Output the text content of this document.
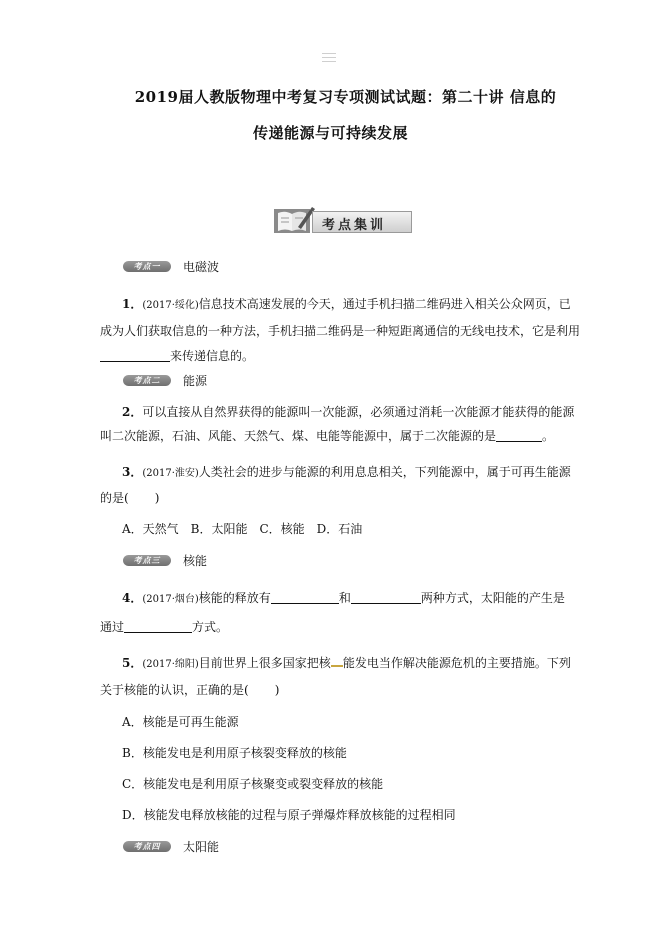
2019届人教版物理中考复习专项测试试题：第二十讲 信息的
传递能源与可持续发展
考点集训
考点一	电磁波
1．(2017·绥化)信息技术高速发展的今天，通过手机扫描二维码进入相关公众网页，已
成为人们获取信息的一种方法，手机扫描二维码是一种短距离通信的无线电技术，它是利用
来传递信息的。
考点二	能源
2．可以直接从自然界获得的能源叫一次能源，必须通过消耗一次能源才能获得的能源
叫二次能源，石油、风能、天然气、煤、电能等能源中，属于二次能源的是	。
3．(2017·淮安)人类社会的进步与能源的利用息息相关，下列能源中，属于可再生能源
的是( )
A．天然气　B．太阳能　C．核能　D．石油
考点三	核能
4．(2017·烟台)核能的释放有	和	两种方式，太阳能的产生是
通过	方式。
5．(2017·绵阳)目前世界上很多国家把核 能发电当作解决能源危机的主要措施。下列
关于核能的认识，正确的是( )
A．核能是可再生能源
B．核能发电是利用原子核裂变释放的核能
C．核能发电是利用原子核聚变或裂变释放的核能
D．核能发电释放核能的过程与原子弹爆炸释放核能的过程相同
考点四	太阳能
